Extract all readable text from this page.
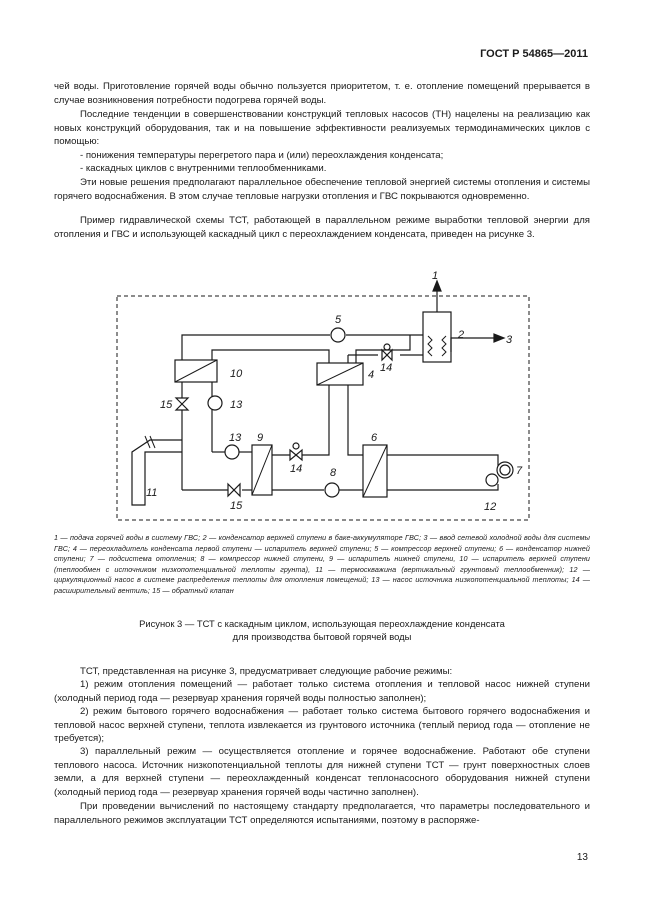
ГОСТ Р 54865—2011

чей воды. Приготовление горячей воды обычно пользуется приоритетом, т. е. отопление помещений прерывается в случае возникновения потребности подогрева горячей воды.

Последние тенденции в совершенствовании конструкций тепловых насосов (ТН) нацелены на реализацию как новых конструкций оборудования, так и на повышение эффективности реализуемых термодинамических циклов с помощью:

- понижения температуры перегретого пара и (или) переохлаждения конденсата;

- каскадных циклов с внутренними теплообменниками.

Эти новые решения предполагают параллельное обеспечение тепловой энергией системы отопления и системы горячего водоснабжения. В этом случае тепловые нагрузки отопления и ГВС покрываются одновременно.

Пример гидравлической схемы ТСТ, работающей в параллельном режиме выработки тепловой энергии для отопления и ГВС и использующей каскадный цикл с переохлаждением конденсата, приведен на рисунке 3.

1
2	3
4
5
6
7
8
9
10
11
12
13
13
14
14
15
15
1 — подача горячей воды в систему ГВС; 2 — конденсатор верхней ступени в баке-аккумуляторе ГВС; 3 — ввод сетевой холодной воды для системы ГВС; 4 — переохладитель конденсата первой ступени — испаритель верхней ступени; 5 — компрессор верхней ступени; 6 — конденсатор нижней ступени; 7 — подсистема отопления; 8 — компрессор нижней ступени, 9 — испаритель нижней ступени, 10 — испаритель верхней ступени (теплообмен с источником низкопотенциальной теплоты грунта), 11 — термоскважина (вертикальный грунтовый теплообменник); 12 — циркуляционный насос в системе распределения теплоты для отопления помещений; 13 — насос источника низкопотенциальной теплоты; 14 — расширительный вентиль; 15 — обратный клапан
Рисунок 3 — ТСТ с каскадным циклом, использующая переохлаждение конденсата
для производства бытовой горячей воды

ТСТ, представленная на рисунке 3, предусматривает следующие рабочие режимы:

1) режим отопления помещений — работает только система отопления и тепловой насос нижней ступени (холодный период года — резервуар хранения горячей воды полностью заполнен);

2) режим бытового горячего водоснабжения — работает только система бытового горячего водоснабжения и тепловой насос верхней ступени, теплота извлекается из грунтового источника (теплый период года — отопление не требуется);

3) параллельный режим — осуществляется отопление и горячее водоснабжение. Работают обе ступени теплового насоса. Источник низкопотенциальной теплоты для нижней ступени ТСТ — грунт поверхностных слоев земли, а для верхней ступени — переохлажденный конденсат теплонасосного оборудования нижней ступени (холодный период года — резервуар хранения горячей воды частично заполнен).

При проведении вычислений по настоящему стандарту предполагается, что параметры последовательного и параллельного режимов эксплуатации ТСТ определяются испытаниями, поэтому в распоряже-

13
